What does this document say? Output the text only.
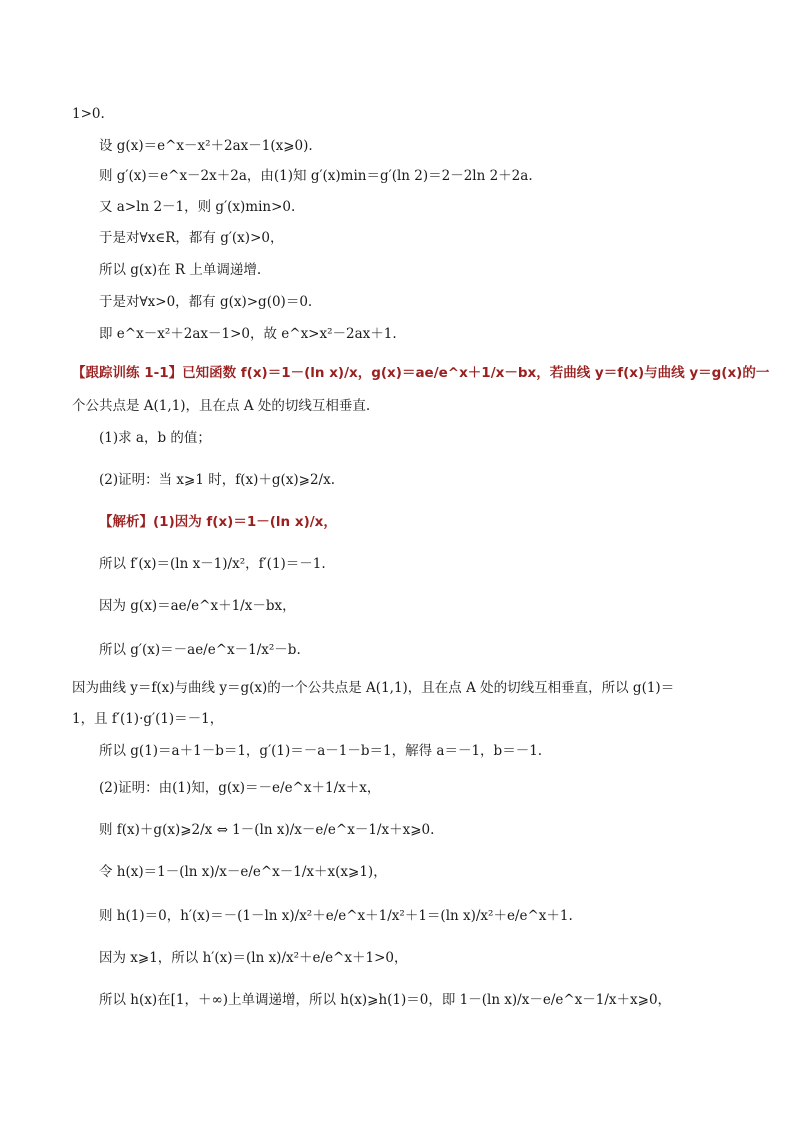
1>0.
设 g(x)＝e^x－x²＋2ax－1(x⩾0).
则 g′(x)＝e^x－2x＋2a，由(1)知 g′(x)min＝g′(ln 2)＝2－2ln 2＋2a.
又 a>ln 2－1，则 g′(x)min>0.
于是对∀x∈R，都有 g′(x)>0，
所以 g(x)在 R 上单调递增.
于是对∀x>0，都有 g(x)>g(0)＝0.
即 e^x－x²＋2ax－1>0，故 e^x>x²－2ax＋1.
【跟踪训练 1-1】已知函数 f(x)＝1－(ln x)/x，g(x)＝ae/e^x＋1/x－bx，若曲线 y＝f(x)与曲线 y＝g(x)的一
个公共点是 A(1,1)，且在点 A 处的切线互相垂直.
(1)求 a，b 的值；
(2)证明：当 x⩾1 时，f(x)＋g(x)⩾2/x.
【解析】(1)因为 f(x)＝1－(ln x)/x，
所以 f′(x)＝(ln x－1)/x²，f′(1)＝－1.
因为 g(x)＝ae/e^x＋1/x－bx，
所以 g′(x)＝－ae/e^x－1/x²－b.
因为曲线 y＝f(x)与曲线 y＝g(x)的一个公共点是 A(1,1)，且在点 A 处的切线互相垂直，所以 g(1)＝
1，且 f′(1)·g′(1)＝－1，
所以 g(1)＝a＋1－b＝1，g′(1)＝－a－1－b＝1，解得 a＝－1，b＝－1.
(2)证明：由(1)知，g(x)＝－e/e^x＋1/x＋x，
则 f(x)＋g(x)⩾2/x ⇔ 1－(ln x)/x－e/e^x－1/x＋x⩾0.
令 h(x)＝1－(ln x)/x－e/e^x－1/x＋x(x⩾1)，
则 h(1)＝0，h′(x)＝－(1－ln x)/x²＋e/e^x＋1/x²＋1＝(ln x)/x²＋e/e^x＋1.
因为 x⩾1，所以 h′(x)＝(ln x)/x²＋e/e^x＋1>0，
所以 h(x)在[1，＋∞)上单调递增，所以 h(x)⩾h(1)＝0，即 1－(ln x)/x－e/e^x－1/x＋x⩾0，
